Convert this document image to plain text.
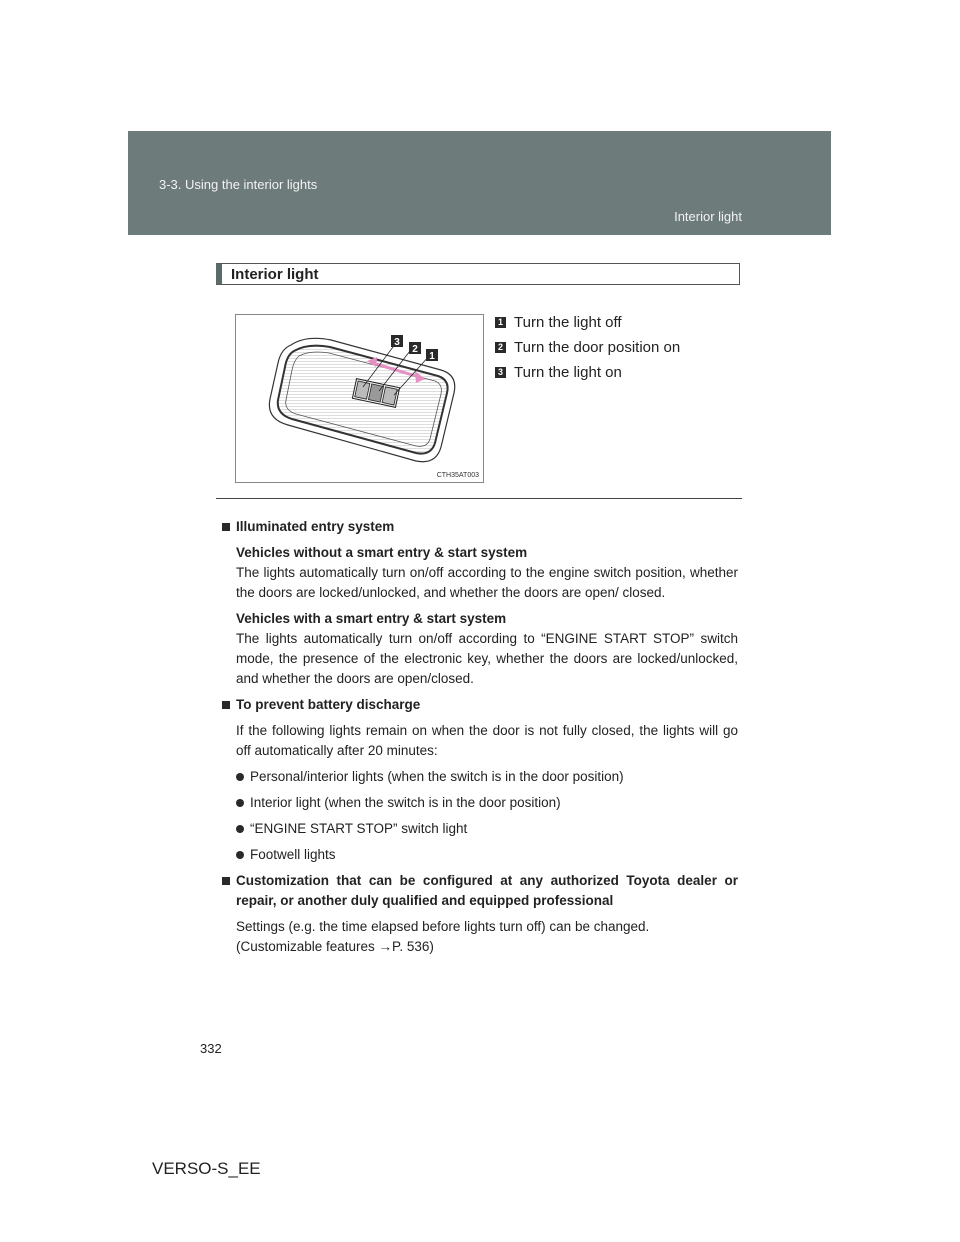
3-3. Using the interior lights
Interior light
Interior light
3
2
1
CTH35AT003
1 Turn the light off
2 Turn the door position on
3 Turn the light on
Illuminated entry system
Vehicles without a smart entry & start system
The lights automatically turn on/off according to the engine switch position, whether the doors are locked/unlocked, and whether the doors are open/ closed.
Vehicles with a smart entry & start system
The lights automatically turn on/off according to “ENGINE START STOP” switch mode, the presence of the electronic key, whether the doors are locked/unlocked, and whether the doors are open/closed.
To prevent battery discharge
If the following lights remain on when the door is not fully closed, the lights will go off automatically after 20 minutes:
Personal/interior lights (when the switch is in the door position)
Interior light (when the switch is in the door position)
“ENGINE START STOP” switch light
Footwell lights
Customization that can be configured at any authorized Toyota dealer or repair, or another duly qualified and equipped professional
Settings (e.g. the time elapsed before lights turn off) can be changed.
(Customizable features →P. 536)
332
VERSO-S_EE
